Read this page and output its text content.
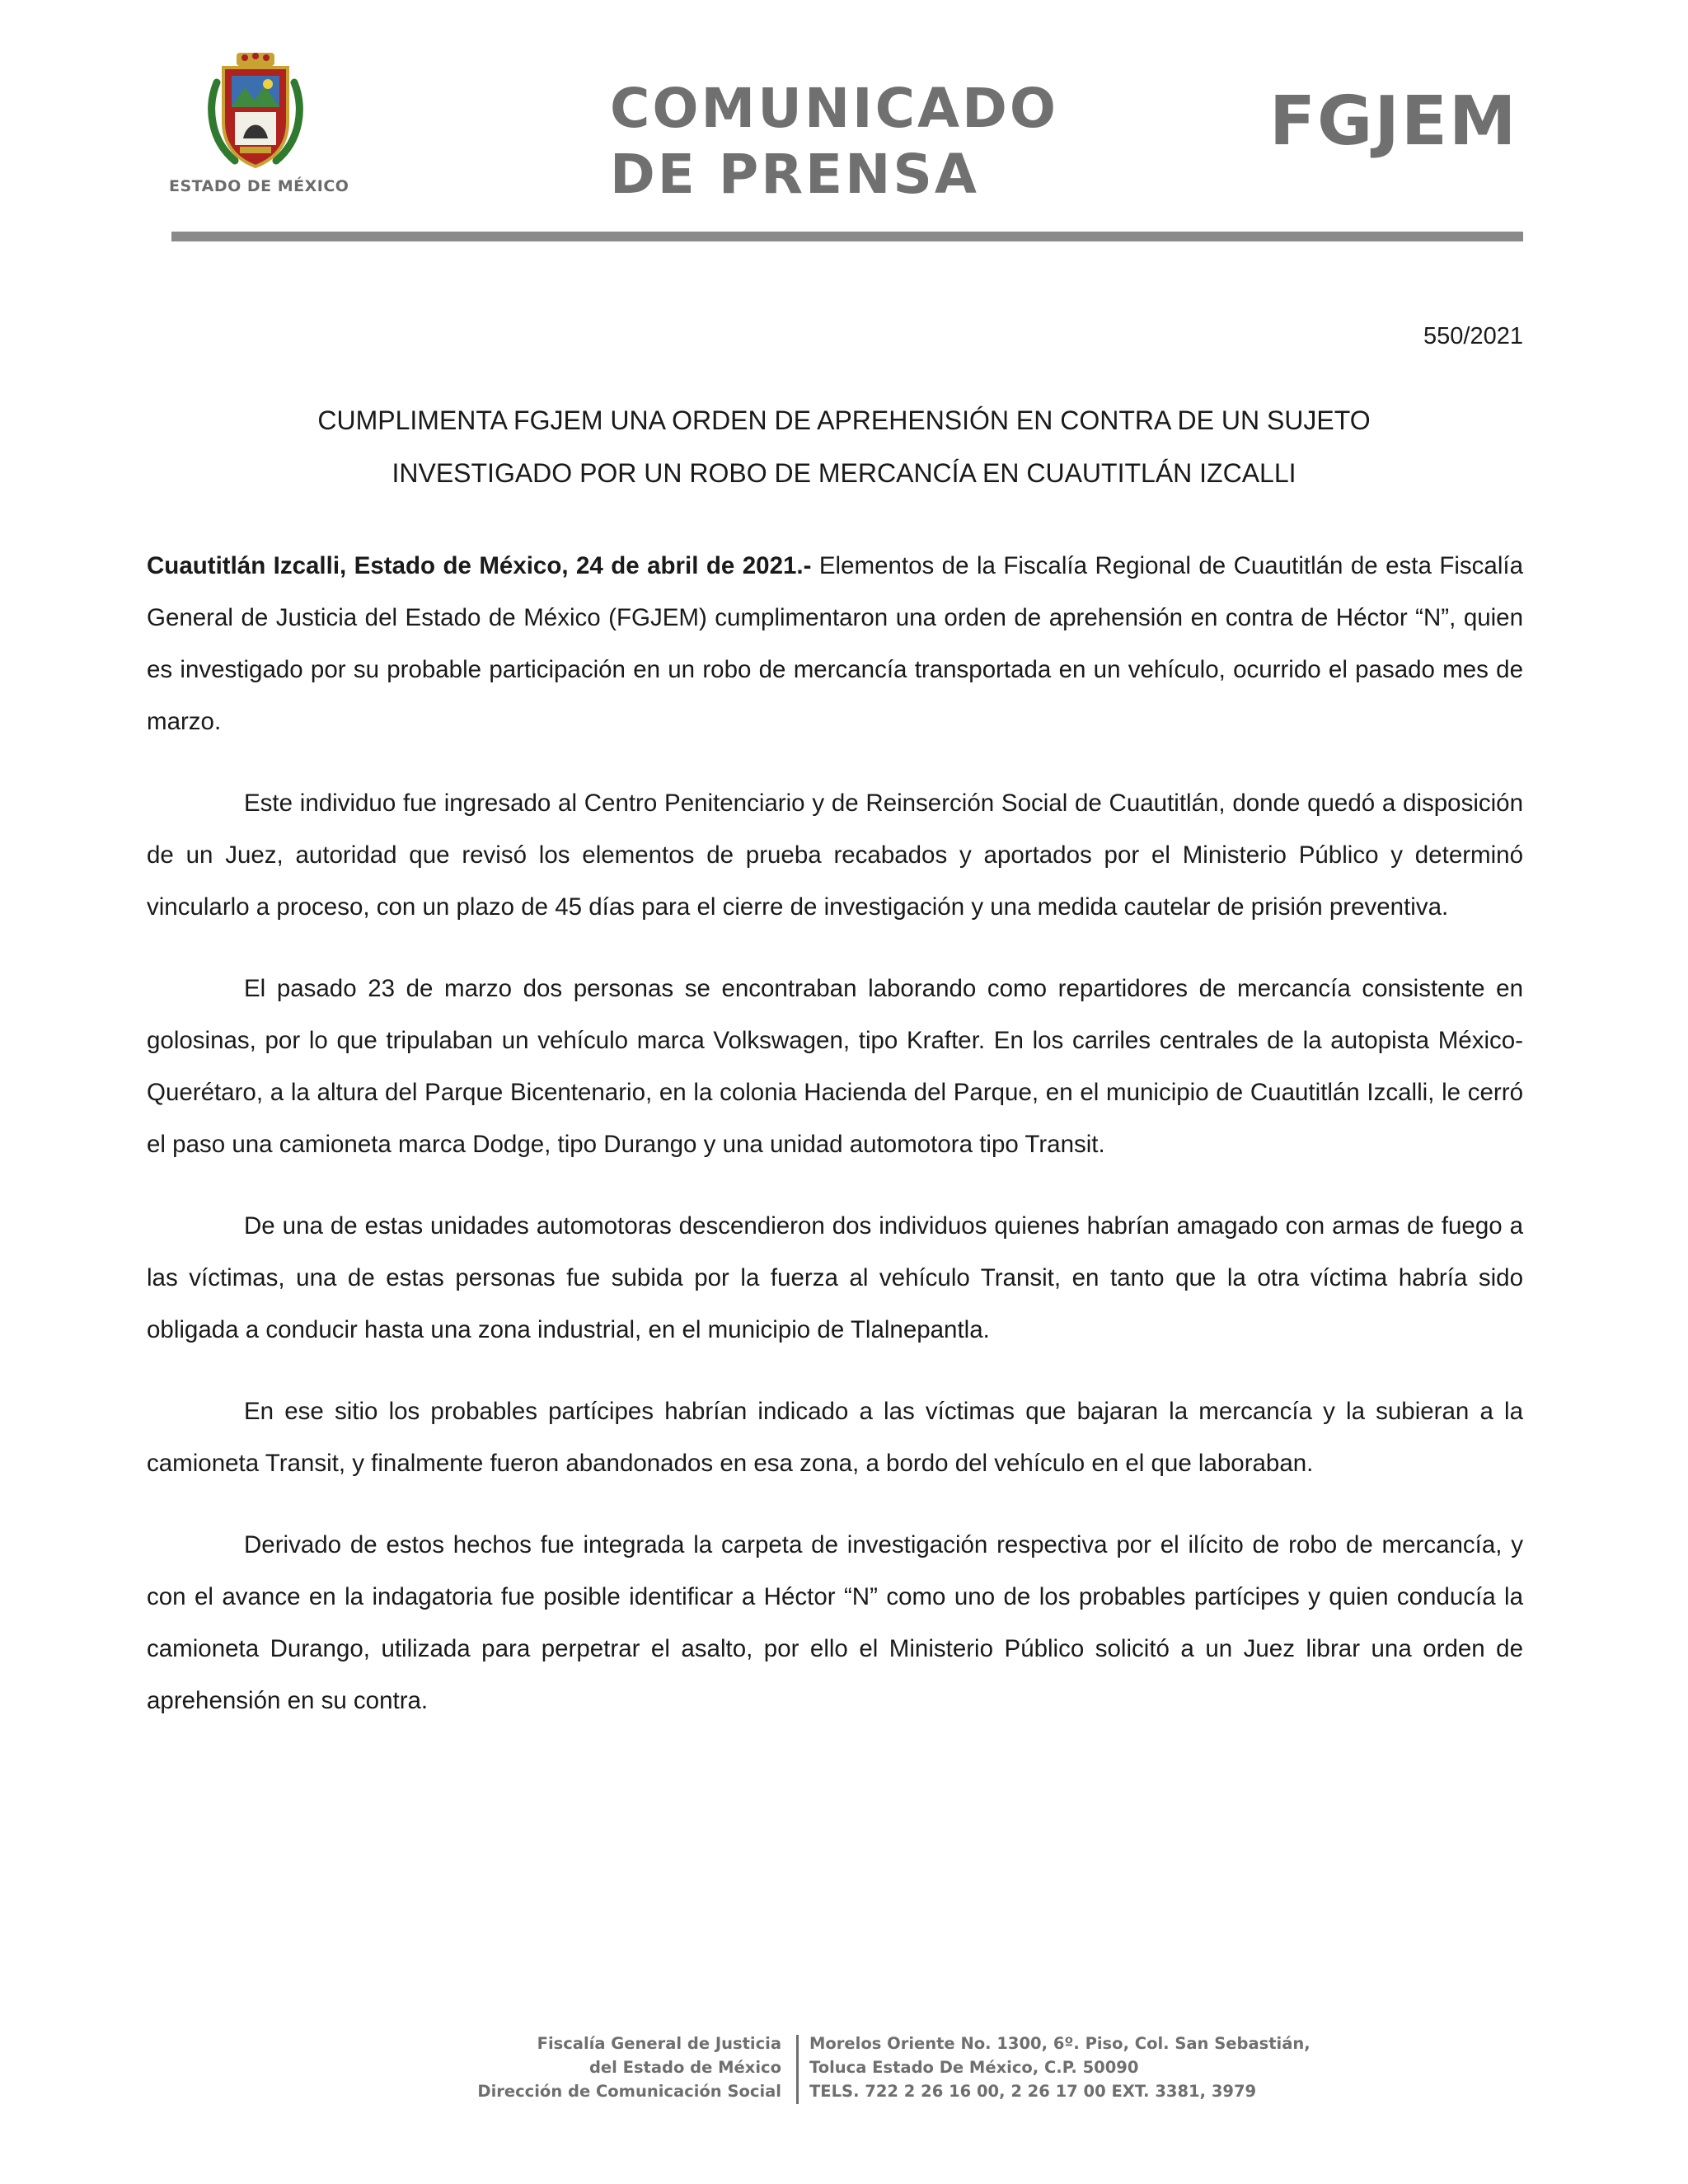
ESTADO DE MÉXICO
COMUNICADO
DE PRENSA
FGJEM
550/2021
CUMPLIMENTA FGJEM UNA ORDEN DE APREHENSIÓN EN CONTRA DE UN SUJETO
INVESTIGADO POR UN ROBO DE MERCANCÍA EN CUAUTITLÁN IZCALLI

Cuautitlán Izcalli, Estado de México, 24 de abril de 2021.- Elementos de la Fiscalía Regional de Cuautitlán de esta Fiscalía General de Justicia del Estado de México (FGJEM) cumplimentaron una orden de aprehensión en contra de Héctor “N”, quien es investigado por su probable participación en un robo de mercancía transportada en un vehículo, ocurrido el pasado mes de marzo.

Este individuo fue ingresado al Centro Penitenciario y de Reinserción Social de Cuautitlán, donde quedó a disposición de un Juez, autoridad que revisó los elementos de prueba recabados y aportados por el Ministerio Público y determinó vincularlo a proceso, con un plazo de 45 días para el cierre de investigación y una medida cautelar de prisión preventiva.

El pasado 23 de marzo dos personas se encontraban laborando como repartidores de mercancía consistente en golosinas, por lo que tripulaban un vehículo marca Volkswagen, tipo Krafter. En los carriles centrales de la autopista México-Querétaro, a la altura del Parque Bicentenario, en la colonia Hacienda del Parque, en el municipio de Cuautitlán Izcalli, le cerró el paso una camioneta marca Dodge, tipo Durango y una unidad automotora tipo Transit.

De una de estas unidades automotoras descendieron dos individuos quienes habrían amagado con armas de fuego a las víctimas, una de estas personas fue subida por la fuerza al vehículo Transit, en tanto que la otra víctima habría sido obligada a conducir hasta una zona industrial, en el municipio de Tlalnepantla.

En ese sitio los probables partícipes habrían indicado a las víctimas que bajaran la mercancía y la subieran a la camioneta Transit, y finalmente fueron abandonados en esa zona, a bordo del vehículo en el que laboraban.

Derivado de estos hechos fue integrada la carpeta de investigación respectiva por el ilícito de robo de mercancía, y con el avance en la indagatoria fue posible identificar a Héctor “N” como uno de los probables partícipes y quien conducía la camioneta Durango, utilizada para perpetrar el asalto, por ello el Ministerio Público solicitó a un Juez librar una orden de aprehensión en su contra.

Fiscalía General de Justicia
del Estado de México
Dirección de Comunicación Social
Morelos Oriente No. 1300, 6º. Piso, Col. San Sebastián,
Toluca Estado De México, C.P. 50090
TELS. 722 2 26 16 00, 2 26 17 00 EXT. 3381, 3979
